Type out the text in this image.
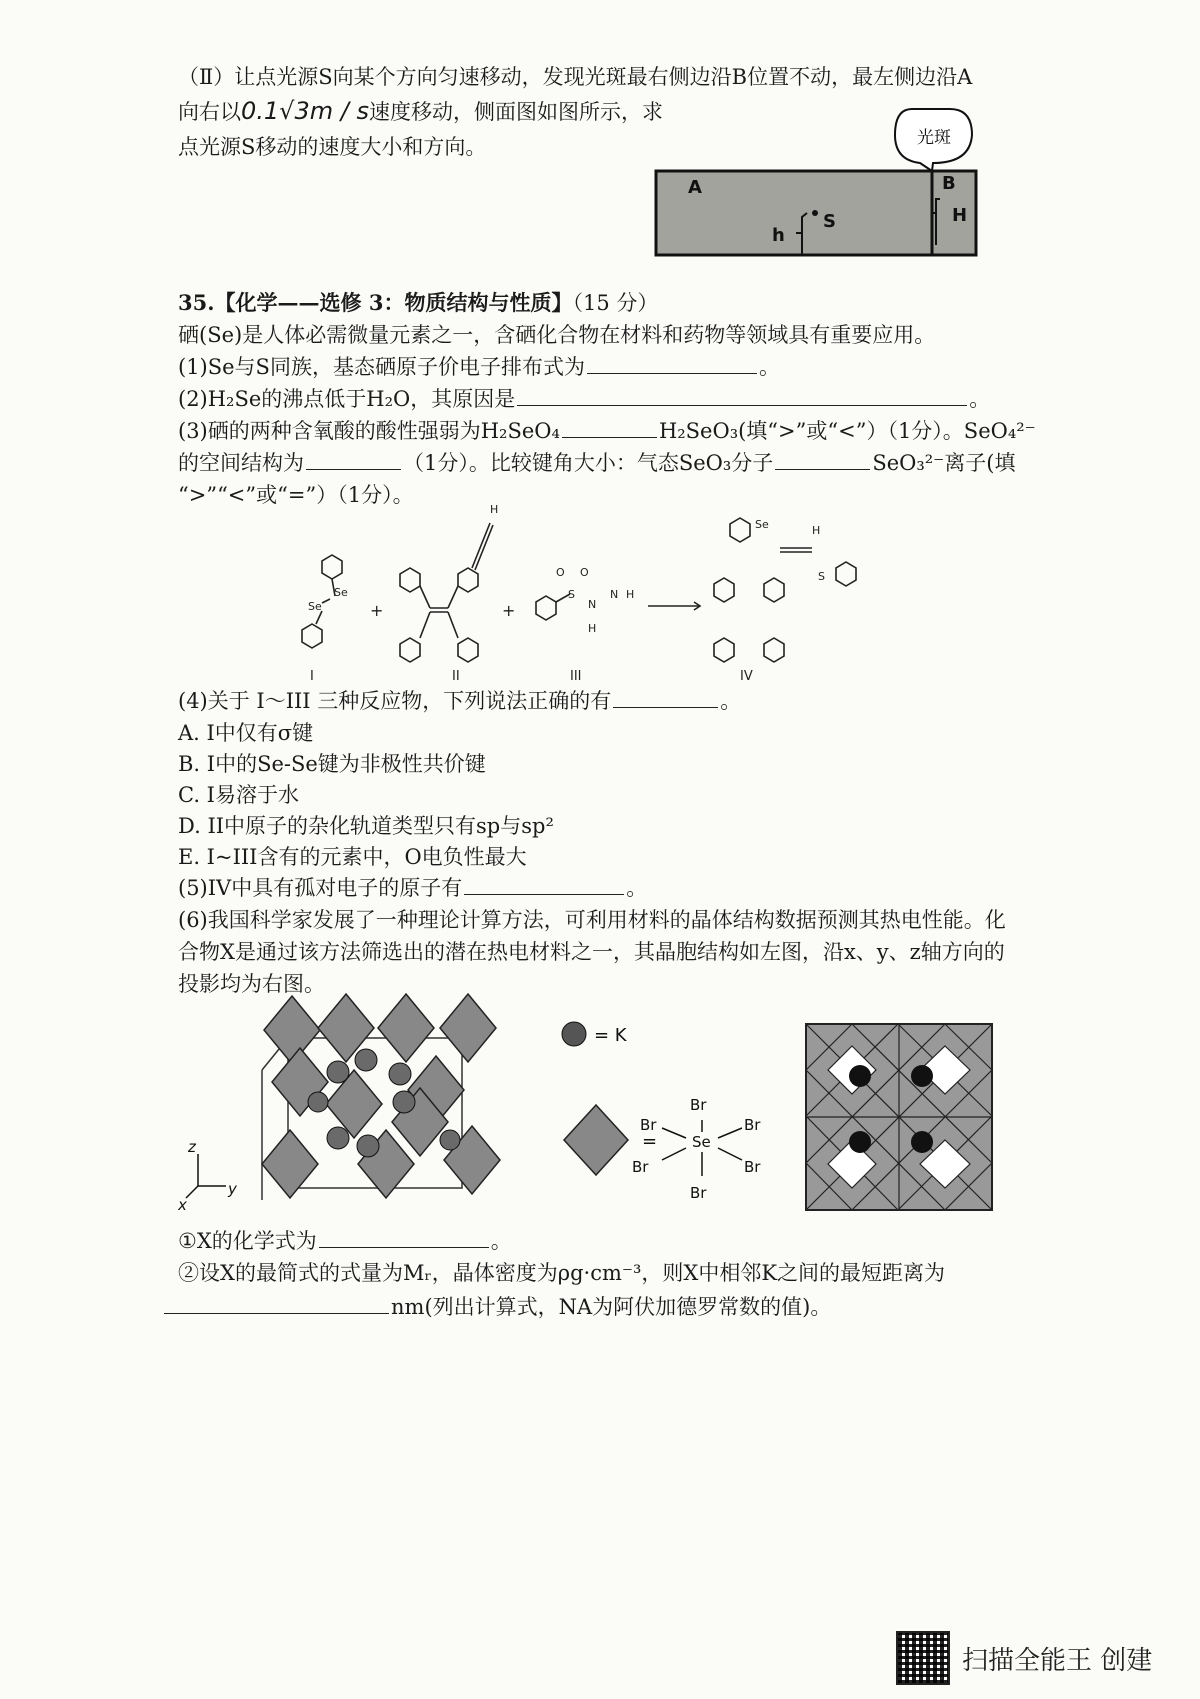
（Ⅱ）让点光源S向某个方向匀速移动，发现光斑最右侧边沿B位置不动，最左侧边沿A
向右以0.1√3m / s速度移动，侧面图如图所示，求
点光源S移动的速度大小和方向。	光斑
A	B
H
S
h
35.【化学——选修 3：物质结构与性质】（15 分）
硒(Se)是人体必需微量元素之一，含硒化合物在材料和药物等领域具有重要应用。
(1)Se与S同族，基态硒原子价电子排布式为	。
(2)H₂Se的沸点低于H₂O，其原因是	。
(3)硒的两种含氧酸的酸性强弱为H₂SeO₄	H₂SeO₃(填“>”或“<”）（1分）。SeO₄²⁻
的空间结构为	（1分）。比较键角大小：气态SeO₃分子	SeO₃²⁻离子(填
“>”“<”或“=”）（1分）。
Se
Se
I
+
H
II
+
S
O O
N
N H
H
III
Se	H
S
IV
(4)关于 I～III 三种反应物，下列说法正确的有	。
A. I中仅有σ键
B. I中的Se-Se键为非极性共价键
C. I易溶于水
D. II中原子的杂化轨道类型只有sp与sp²
E. I~III含有的元素中，O电负性最大
(5)IV中具有孤对电子的原子有	。
(6)我国科学家发展了一种理论计算方法，可利用材料的晶体结构数据预测其热电性能。化
合物X是通过该方法筛选出的潜在热电材料之一，其晶胞结构如左图，沿x、y、z轴方向的
投影均为右图。
z
y
x
= K
= Se
Br
Br	Br
Br	Br
Br
①X的化学式为	。
②设X的最简式的式量为Mᵣ，晶体密度为ρg·cm⁻³，则X中相邻K之间的最短距离为
nm(列出计算式，NA为阿伏加德罗常数的值)。
扫描全能王 创建
